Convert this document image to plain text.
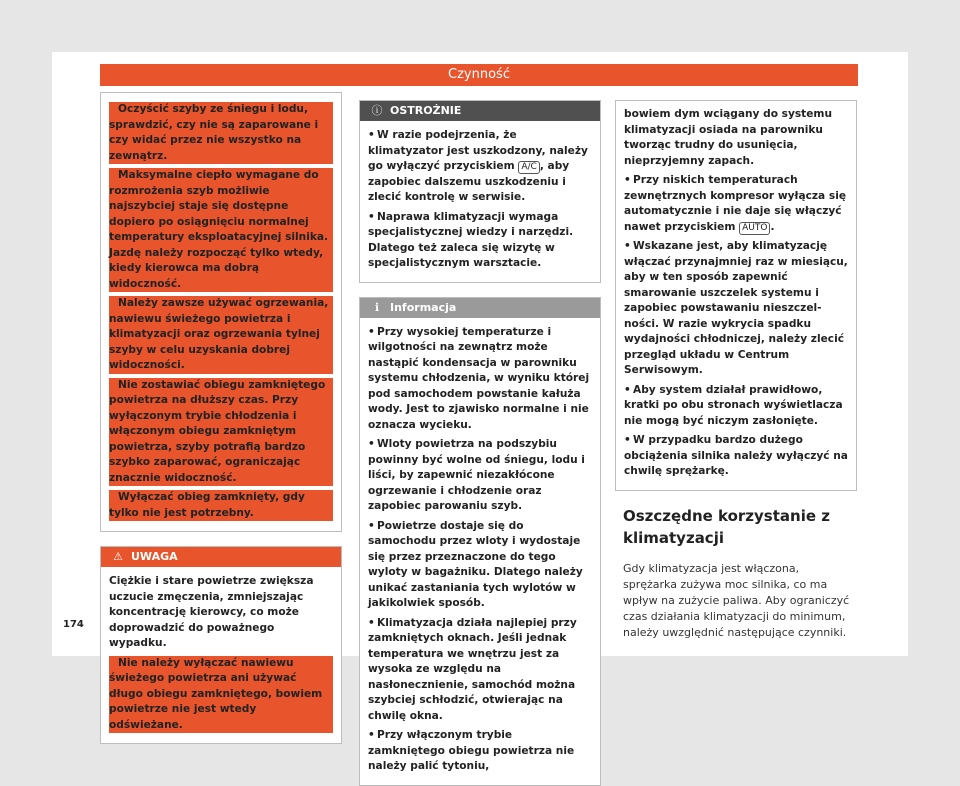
Czynność

• Oczyścić szyby ze śniegu i lodu, sprawdzić, czy nie są zaparowane i czy widać przez nie wszystko na zewnątrz.

• Maksymalne ciepło wymagane do rozmrożenia szyb możliwie najszybciej staje się dostępne dopiero po osiągnięciu normalnej temperatury eksploatacyjnej silnika. Jazdę należy rozpocząć tylko wtedy, kiedy kierowca ma dobrą widoczność.

• Należy zawsze używać ogrzewania, nawiewu świeżego powietrza i klimatyzacji oraz ogrzewania tylnej szyby w celu uzyskania dobrej widoczności.

• Nie zostawiać obiegu zamkniętego powietrza na dłuższy czas. Przy wyłączonym trybie chłodzenia i włączonym obiegu zamkniętym powietrza, szyby potrafią bardzo szybko zaparować, ograniczając znacznie widoczność.

• Wyłączać obieg zamknięty, gdy tylko nie jest potrzebny.

⚠ UWAGA

Ciężkie i stare powietrze zwiększa uczucie zmęczenia, zmniejszając koncentrację kierowcy, co może doprowadzić do poważnego wypadku.

• Nie należy wyłączać nawiewu świeżego powietrza ani używać długo obiegu zamkniętego, bowiem powietrze nie jest wtedy odświeżane.

ⓘ OSTROŻNIE

• W razie podejrzenia, że klimatyzator jest uszkodzony, należy go wyłączyć przyciskiem A/C , aby zapobiec dalszemu uszkodzeniu i zlecić kontrolę w serwisie.

• Naprawa klimatyzacji wymaga specjalistycznej wiedzy i narzędzi. Dlatego też zaleca się wizytę w specjalistycznym warsztacie.

ℹ Informacja

• Przy wysokiej temperaturze i wilgotności na zewnątrz może nastąpić kondensacja w parowniku systemu chłodzenia, w wyniku której pod samochodem powstanie kałuża wody. Jest to zjawisko normalne i nie oznacza wycieku.

• Wloty powietrza na podszybiu powinny być wolne od śniegu, lodu i liści, by zapewnić niezakłócone ogrzewanie i chłodzenie oraz zapobiec parowaniu szyb.

• Powietrze dostaje się do samochodu przez wloty i wydostaje się przez przeznaczone do tego wyloty w bagażniku. Dlatego należy unikać zastaniania tych wylotów w jakikolwiek sposób.

• Klimatyzacja działa najlepiej przy zamkniętych oknach. Jeśli jednak temperatura we wnętrzu jest za wysoka ze względu na nasłonecznienie, samochód można szybciej schłodzić, otwierając na chwilę okna.

• Przy włączonym trybie zamkniętego obiegu powietrza nie należy palić tytoniu,

bowiem dym wciągany do systemu klimatyzacji osiada na parowniku tworząc trudny do usunięcia, nieprzyjemny zapach.

• Przy niskich temperaturach zewnętrznych kompresor wyłącza się automatycznie i nie daje się włączyć nawet przyciskiem AUTO .

• Wskazane jest, aby klimatyzację włączać przynajmniej raz w miesiącu, aby w ten sposób zapewnić smarowanie uszczelek systemu i zapobiec powstawaniu nieszczelności. W razie wykrycia spadku wydajności chłodniczej, należy zlecić przegląd układu w Centrum Serwisowym.

• Aby system działał prawidłowo, kratki po obu stronach wyświetlacza nie mogą być niczym zasłonięte.

• W przypadku bardzo dużego obciążenia silnika należy wyłączyć na chwilę sprężarkę.

Oszczędne korzystanie z klimatyzacji

Gdy klimatyzacja jest włączona, sprężarka zużywa moc silnika, co ma wpływ na zużycie paliwa. Aby ograniczyć czas działania klimatyzacji do minimum, należy uwzględnić następujące czynniki.

174
